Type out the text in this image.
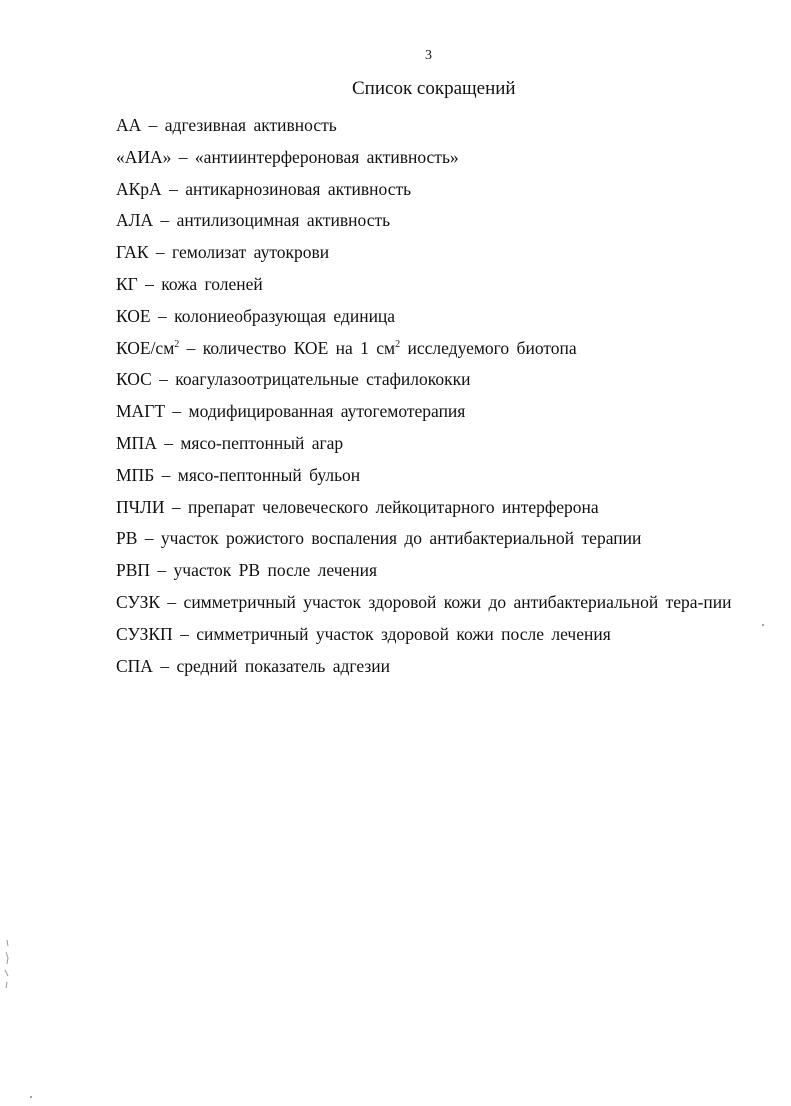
3
Список сокращений
АА – адгезивная активность
«АИА» – «антиинтерфероновая активность»
АКрА – антикарнозиновая активность
АЛА – антилизоцимная активность
ГАК – гемолизат аутокрови
КГ – кожа голеней
КОЕ – колониеобразующая единица
КОЕ/$см^2$ – количество КОЕ на 1 $см^2$ исследуемого биотопа
КОС – коагулазоотрицательные стафилококки
МАГТ – модифицированная аутогемотерапия
МПА – мясо-пептонный агар
МПБ – мясо-пептонный бульон
ПЧЛИ – препарат человеческого лейкоцитарного интерферона
РВ – участок рожистого воспаления до антибактериальной терапии
РВП – участок РВ после лечения
СУЗК – симметричный участок здоровой кожи до антибактериальной тера-пии
СУЗКП – симметричный участок здоровой кожи после лечения
СПА – средний показатель адгезии
